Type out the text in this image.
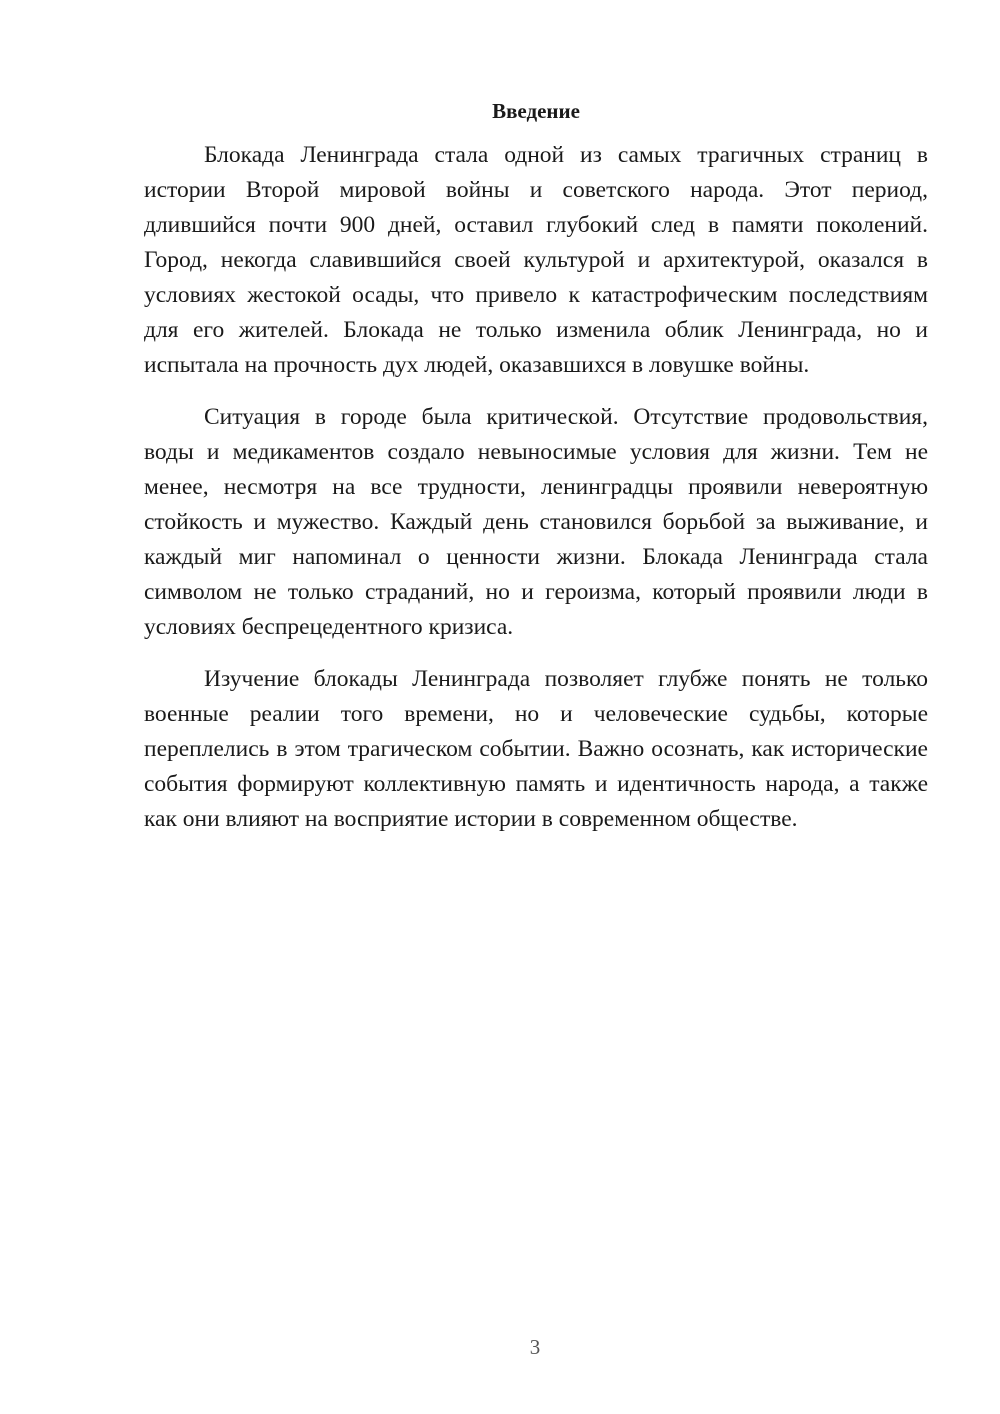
Введение

Блокада Ленинграда стала одной из самых трагичных страниц в истории Второй мировой войны и советского народа. Этот период, длившийся почти 900 дней, оставил глубокий след в памяти поколений. Город, некогда славившийся своей культурой и архитектурой, оказался в условиях жестокой осады, что привело к катастрофическим последствиям для его жителей. Блокада не только изменила облик Ленинграда, но и испытала на прочность дух людей, оказавшихся в ловушке войны.

Ситуация в городе была критической. Отсутствие продовольствия, воды и медикаментов создало невыносимые условия для жизни. Тем не менее, несмотря на все трудности, ленинградцы проявили невероятную стойкость и мужество. Каждый день становился борьбой за выживание, и каждый миг напоминал о ценности жизни. Блокада Ленинграда стала символом не только страданий, но и героизма, который проявили люди в условиях беспрецедентного кризиса.

Изучение блокады Ленинграда позволяет глубже понять не только военные реалии того времени, но и человеческие судьбы, которые переплелись в этом трагическом событии. Важно осознать, как исторические события формируют коллективную память и идентичность народа, а также как они влияют на восприятие истории в современном обществе.

3
